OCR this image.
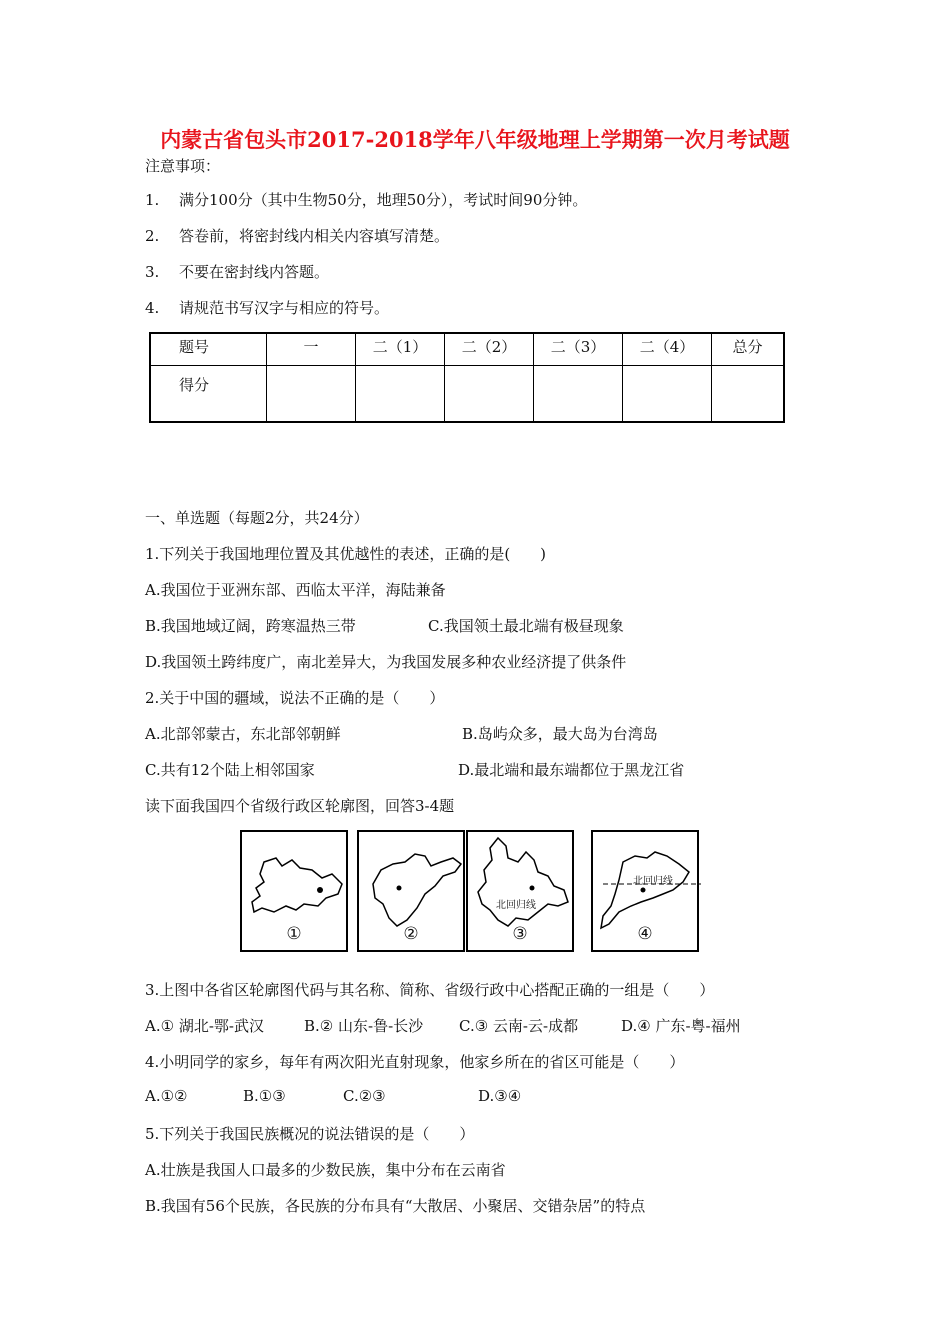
内蒙古省包头市2017-2018学年八年级地理上学期第一次月考试题
注意事项：
1. 满分100分（其中生物50分，地理50分），考试时间90分钟。
2. 答卷前，将密封线内相关内容填写清楚。
3. 不要在密封线内答题。
4. 请规范书写汉字与相应的符号。
题号	一	二（1）	二（2）	二（3）	二（4）	总分
得分						
一、单选题（每题2分，共24分）
1.下列关于我国地理位置及其优越性的表述，正确的是(　　)
A.我国位于亚洲东部、西临太平洋，海陆兼备
B.我国地域辽阔，跨寒温热三带	C.我国领土最北端有极昼现象
D.我国领土跨纬度广，南北差异大，为我国发展多种农业经济提了供条件
2.关于中国的疆域，说法不正确的是（　　）
A.北部邻蒙古，东北部邻朝鲜	B.岛屿众多，最大岛为台湾岛
C.共有12个陆上相邻国家	D.最北端和最东端都位于黑龙江省
读下面我国四个省级行政区轮廓图，回答3-4题
①	②
北回归线
③
北回归线
④
3.上图中各省区轮廓图代码与其名称、简称、省级行政中心搭配正确的一组是（　　）
A.① 湖北-鄂-武汉	B.② 山东-鲁-长沙 C.③ 云南-云-成都	D.④ 广东-粤-福州
4.小明同学的家乡，每年有两次阳光直射现象，他家乡所在的省区可能是（　　）
A.①②	B.①③	C.②③	D.③④
5.下列关于我国民族概况的说法错误的是（　　）
A.壮族是我国人口最多的少数民族，集中分布在云南省
B.我国有56个民族，各民族的分布具有“大散居、小聚居、交错杂居”的特点
